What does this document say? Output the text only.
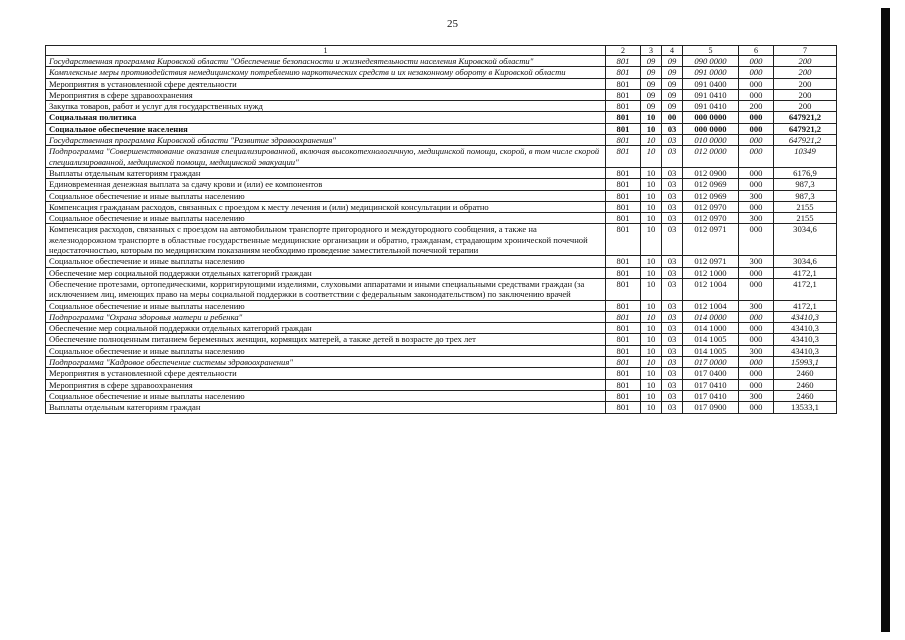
25
1	2	3	4	5	6	7
Государственная программа Кировской области "Обеспечение безопасности и жизнедеятельности населения Кировской области"	801	09	09	090 0000	000	200
Комплексные меры противодействия немедицинскому потреблению наркотических средств и их незаконному обороту в Кировской области	801	09	09	091 0000	000	200
Мероприятия в установленной сфере деятельности	801	09	09	091 0400	000	200
Мероприятия в сфере здравоохранения	801	09	09	091 0410	000	200
Закупка товаров, работ и услуг для государственных нужд	801	09	09	091 0410	200	200
Социальная политика	801	10	00	000 0000	000	647921,2
Социальное обеспечение населения	801	10	03	000 0000	000	647921,2
Государственная программа Кировской области "Развитие здравоохранения"	801	10	03	010 0000	000	647921,2
Подпрограмма "Совершенствование оказания специализированной, включая высокотехнологичную, медицинской помощи, скорой, в том числе скорой специализированной, медицинской помощи, медицинской эвакуации"	801	10	03	012 0000	000	10349
Выплаты отдельным категориям граждан	801	10	03	012 0900	000	6176,9
Единовременная денежная выплата за сдачу крови и (или) ее компонентов	801	10	03	012 0969	000	987,3
Социальное обеспечение и иные выплаты населению	801	10	03	012 0969	300	987,3
Компенсация гражданам расходов, связанных с проездом к месту лечения и (или) медицинской консультации и обратно	801	10	03	012 0970	000	2155
Социальное обеспечение и иные выплаты населению	801	10	03	012 0970	300	2155
Компенсация расходов, связанных с проездом на автомобильном транспорте пригородного и междугородного сообщения, а также на железнодорожном транспорте в областные государственные медицинские организации и обратно, гражданам, страдающим хронической почечной недостаточностью, которым по медицинским показаниям необходимо проведение заместительной почечной терапии	801	10	03	012 0971	000	3034,6
Социальное обеспечение и иные выплаты населению	801	10	03	012 0971	300	3034,6
Обеспечение мер социальной поддержки отдельных категорий граждан	801	10	03	012 1000	000	4172,1
Обеспечение протезами, ортопедическими, корригирующими изделиями, слуховыми аппаратами и иными специальными средствами граждан (за исключением лиц, имеющих право на меры социальной поддержки в соответствии с федеральным законодательством) по заключению врачей	801	10	03	012 1004	000	4172,1
Социальное обеспечение и иные выплаты населению	801	10	03	012 1004	300	4172,1
Подпрограмма "Охрана здоровья матери и ребенка"	801	10	03	014 0000	000	43410,3
Обеспечение мер социальной поддержки отдельных категорий граждан	801	10	03	014 1000	000	43410,3
Обеспечение полноценным питанием беременных женщин, кормящих матерей, а также детей в возрасте до трех лет	801	10	03	014 1005	000	43410,3
Социальное обеспечение и иные выплаты населению	801	10	03	014 1005	300	43410,3
Подпрограмма "Кадровое обеспечение системы здравоохранения"	801	10	03	017 0000	000	15993,1
Мероприятия в установленной сфере деятельности	801	10	03	017 0400	000	2460
Мероприятия в сфере здравоохранения	801	10	03	017 0410	000	2460
Социальное обеспечение и иные выплаты населению	801	10	03	017 0410	300	2460
Выплаты отдельным категориям граждан	801	10	03	017 0900	000	13533,1
